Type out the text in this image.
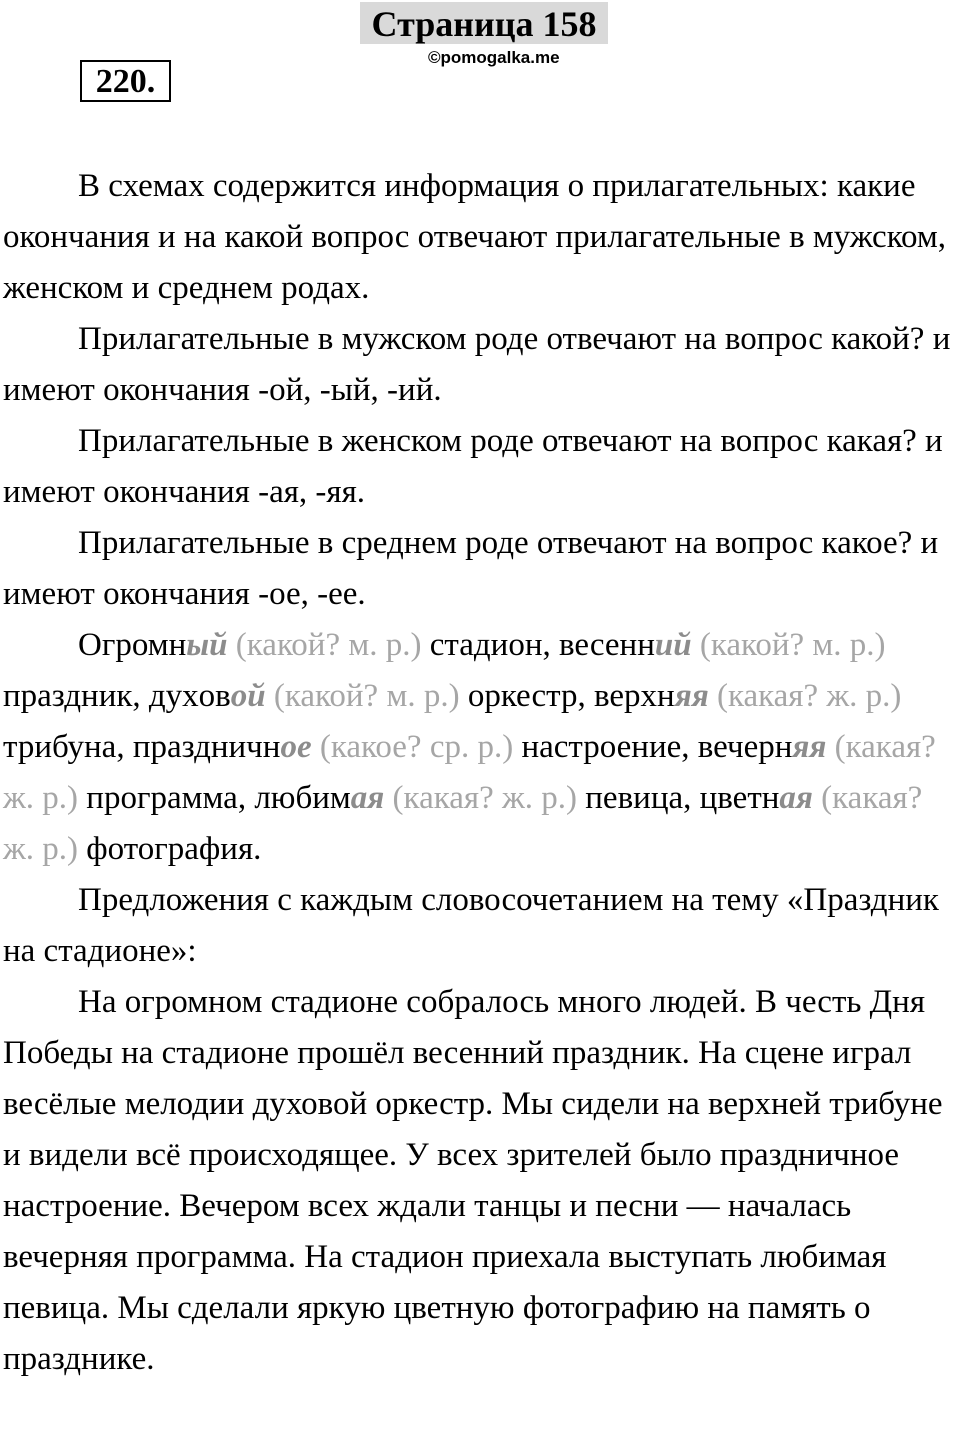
Страница 158
©pomogalka.me
220.

В схемах содержится информация о прилагательных: какие окончания и на какой вопрос отвечают прилагательные в мужском, женском и среднем родах.

Прилагательные в мужском роде отвечают на вопрос какой? и имеют окончания -ой, -ый, -ий.

Прилагательные в женском роде отвечают на вопрос какая? и имеют окончания -ая, -яя.

Прилагательные в среднем роде отвечают на вопрос какое? и имеют окончания -ое, -ее.

Огромный (какой? м. р.) стадион, весенний (какой? м. р.) праздник, дуxовой (какой? м. р.) оркестр, верхняя (какая? ж. р.) трибуна, праздничное (какое? ср. р.) настроение, вечерняя (какая? ж. р.) программа, любимая (какая? ж. р.) певица, цветная (какая? ж. р.) фотография.

Предложения с каждым словосочетанием на тему «Праздник на стадионе»:

На огромном стадионе собралось много людей. В честь Дня Победы на стадионе прошёл весенний праздник. На сцене играл весёлые мелодии духовой оркестр. Мы сидели на верхней трибуне и видели всё происходящее. У всех зрителей было праздничное настроение. Вечером всех ждали танцы и песни — началась вечерняя программа. На стадион приехала выступать любимая певица. Мы сделали яркую цветную фотографию на память о празднике.
